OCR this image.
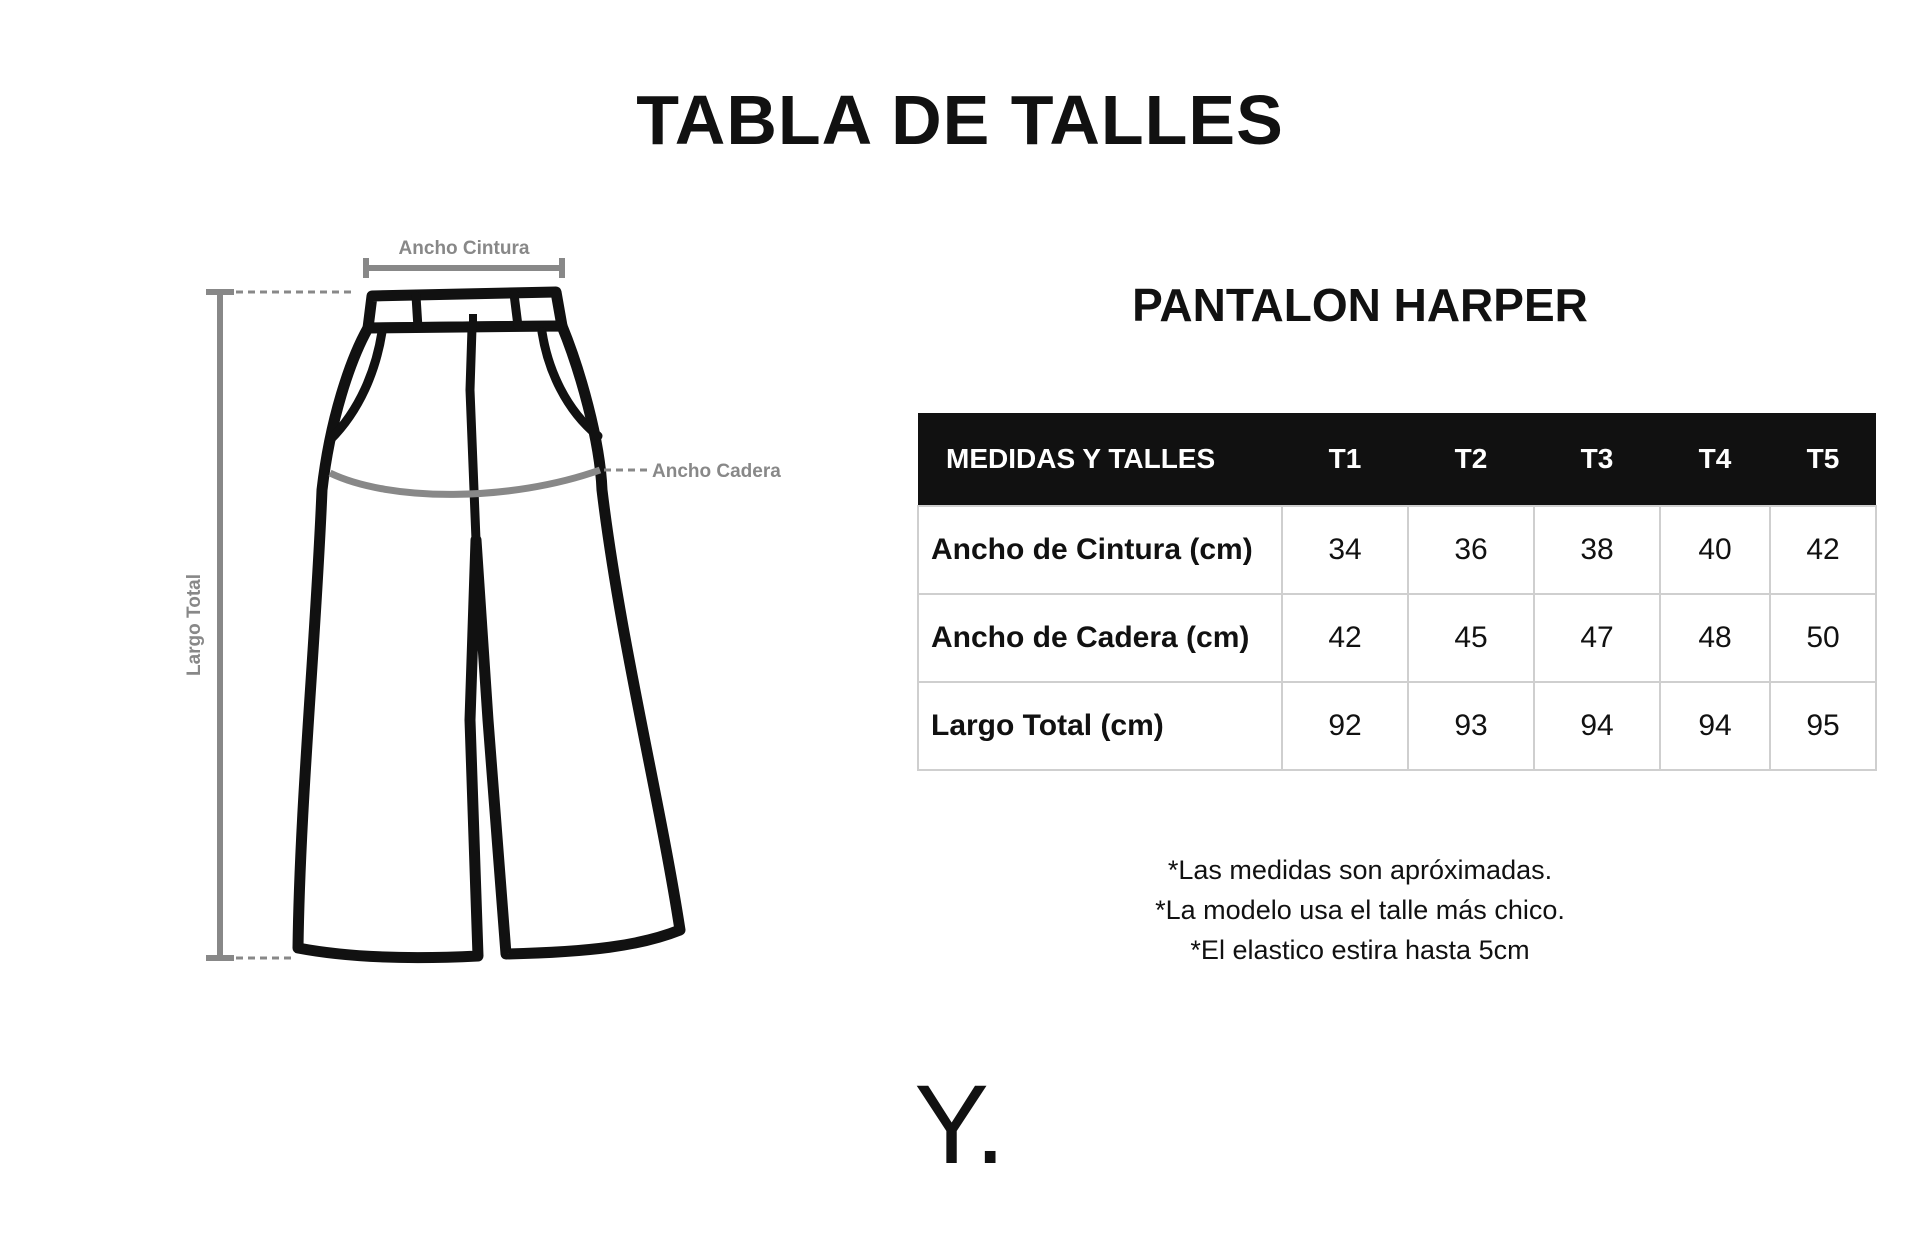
TABLA DE TALLES
Ancho Cintura
Largo Total
Ancho Cadera
PANTALON HARPER
MEDIDAS Y TALLES	T1	T2	T3	T4	T5
Ancho de Cintura (cm)	34	36	38	40	42
Ancho de Cadera (cm)	42	45	47	48	50
Largo Total (cm)	92	93	94	94	95
*Las medidas son apróximadas.
*La modelo usa el talle más chico.
*El elastico estira hasta 5cm
Y.
